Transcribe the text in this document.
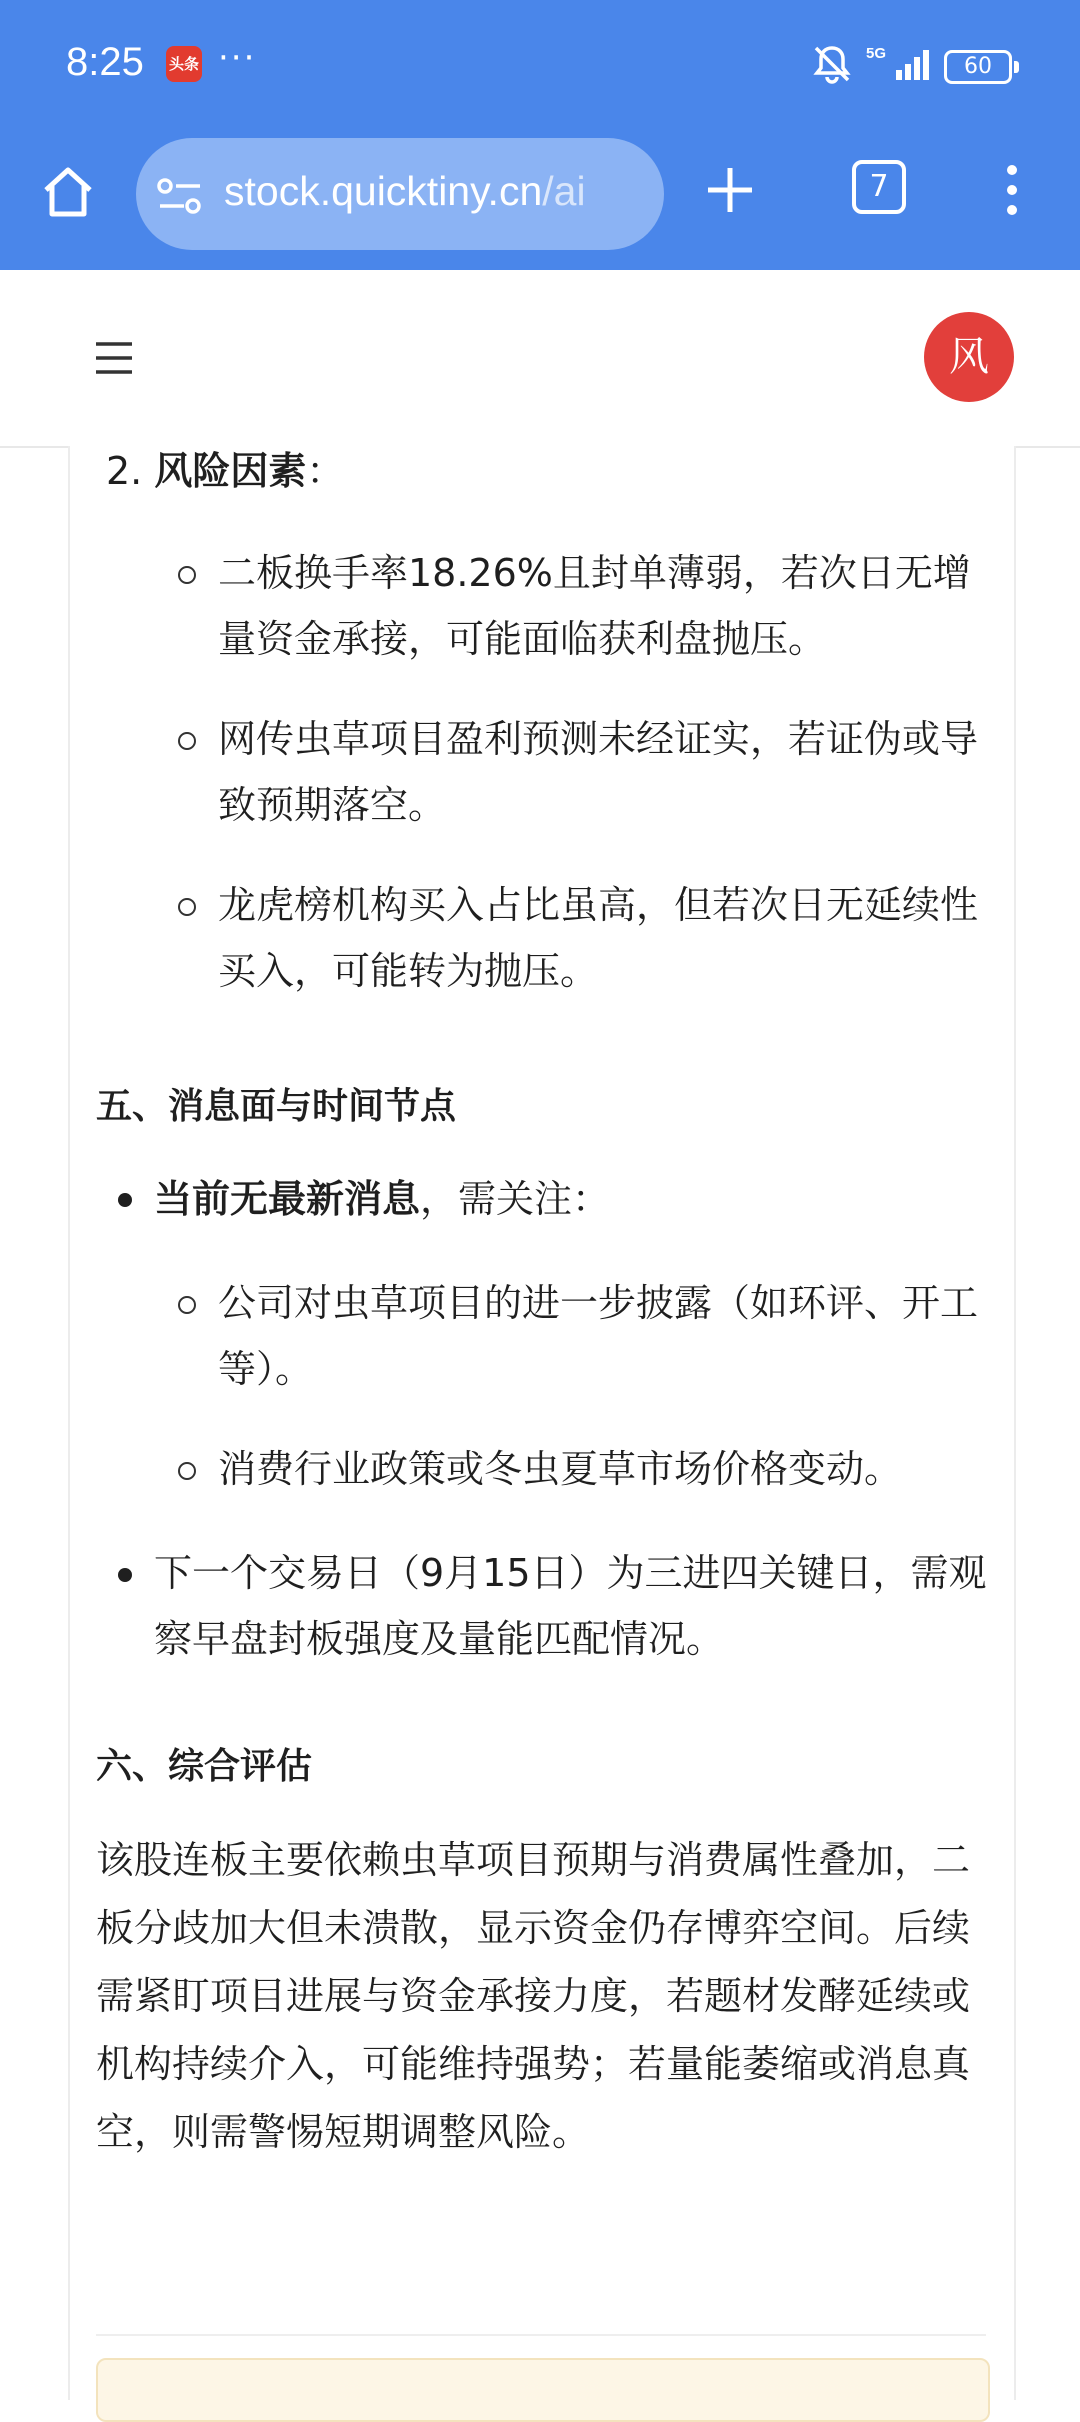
8:25 头条 ···	5G
60
stock.quicktiny.cn/ai	7
风
2. 风险因素：
二板换手率18.26%且封单薄弱，若次日无增量资金承接，可能面临获利盘抛压。
网传虫草项目盈利预测未经证实，若证伪或导致预期落空。
龙虎榜机构买入占比虽高，但若次日无延续性买入，可能转为抛压。
五、消息面与时间节点
当前无最新消息，需关注：
公司对虫草项目的进一步披露（如环评、开工等）。
消费行业政策或冬虫夏草市场价格变动。
下一个交易日（9月15日）为三进四关键日，需观察早盘封板强度及量能匹配情况。
六、综合评估
该股连板主要依赖虫草项目预期与消费属性叠加，二板分歧加大但未溃散，显示资金仍存博弈空间。后续需紧盯项目进展与资金承接力度，若题材发酵延续或机构持续介入，可能维持强势；若量能萎缩或消息真空，则需警惕短期调整风险。
